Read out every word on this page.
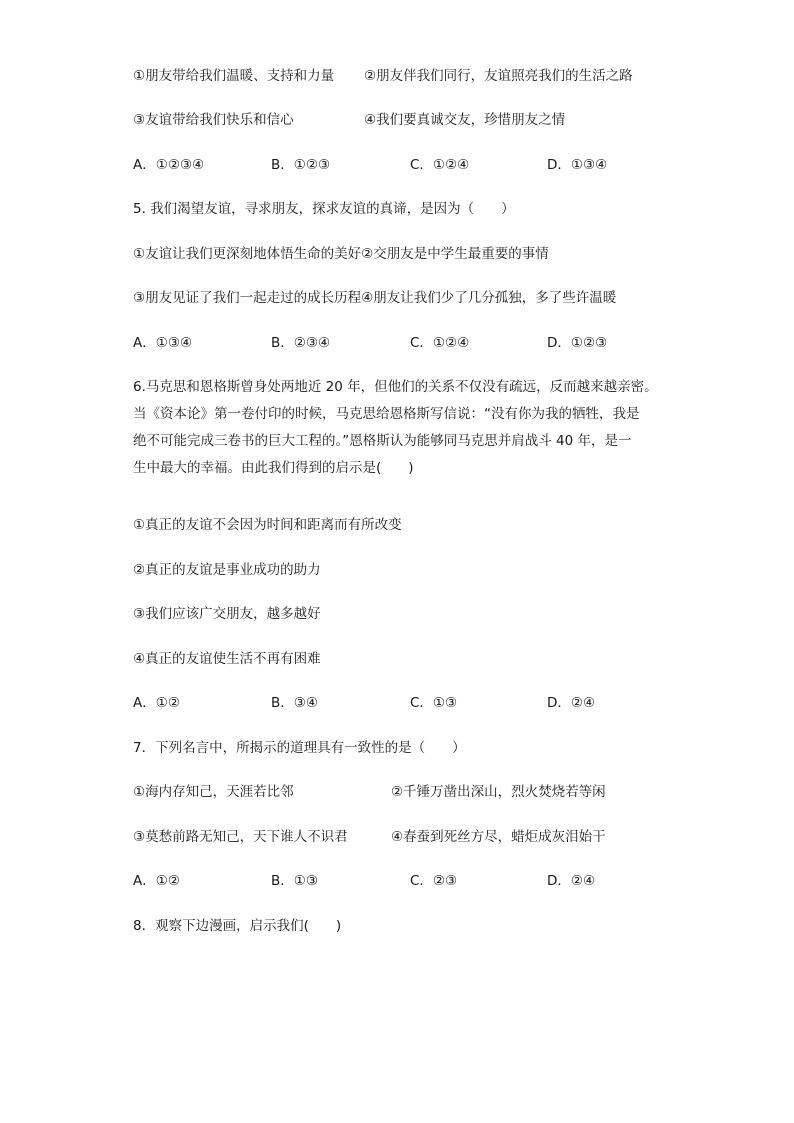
①朋友带给我们温暖、支持和力量 ②朋友伴我们同行，友谊照亮我们的生活之路
③友谊带给我们快乐和信心	④我们要真诚交友，珍惜朋友之情
A．①②③④	B．①②③	C．①②④	D．①③④
5. 我们渴望友谊，寻求朋友，探求友谊的真谛，是因为（　　）
①友谊让我们更深刻地体悟生命的美好②交朋友是中学生最重要的事情
③朋友见证了我们一起走过的成长历程④朋友让我们少了几分孤独，多了些许温暖
A．①③④	B．②③④	C．①②④	D．①②③
6.马克思和恩格斯曾身处两地近 20 年，但他们的关系不仅没有疏远，反而越来越亲密。
当《资本论》第一卷付印的时候，马克思给恩格斯写信说：“没有你为我的牺牲，我是
绝不可能完成三卷书的巨大工程的。”恩格斯认为能够同马克思并肩战斗 40 年，是一
生中最大的幸福。由此我们得到的启示是(　　)
①真正的友谊不会因为时间和距离而有所改变
②真正的友谊是事业成功的助力
③我们应该广交朋友，越多越好
④真正的友谊使生活不再有困难
A．①②	B．③④	C．①③	D．②④
7．下列名言中，所揭示的道理具有一致性的是（　　）
①海内存知己，天涯若比邻	②千锤万凿出深山，烈火焚烧若等闲
③莫愁前路无知己，天下谁人不识君	④春蚕到死丝方尽，蜡炬成灰泪始干
A．①②	B．①③	C．②③	D．②④
8．观察下边漫画，启示我们(　　)
